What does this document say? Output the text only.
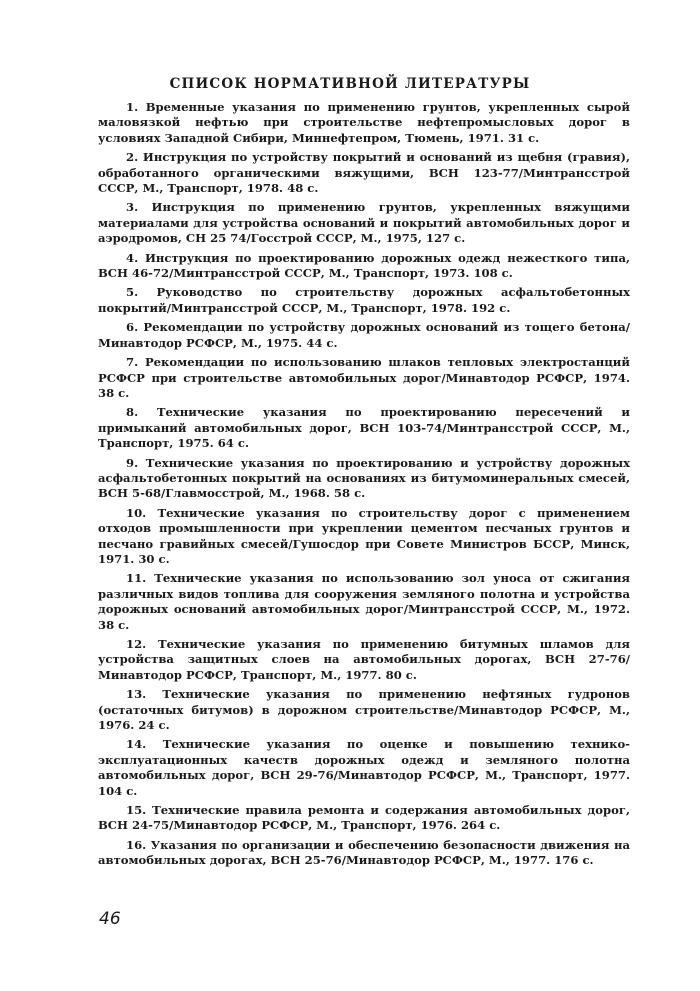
СПИСОК НОРМАТИВНОЙ ЛИТЕРАТУРЫ
1. Временные указания по применению грунтов, укрепленных сырой маловязкой нефтью при строительстве нефтепромысловых дорог в условиях Западной Сибири, Миннефтепром, Тюмень, 1971. 31 с.
2. Инструкция по устройству покрытий и оснований из щебня (гравия), обработанного органическими вяжущими, ВСН 123-77/Минтрансстрой СССР, М., Транспорт, 1978. 48 с.
3. Инструкция по применению грунтов, укрепленных вяжущими материалами для устройства оснований и покрытий автомобильных дорог и аэродромов, СН 25 74/Госстрой СССР, М., 1975, 127 с.
4. Инструкция по проектированию дорожных одежд нежесткого типа, ВСН 46-72/Минтрансстрой СССР, М., Транспорт, 1973. 108 с.
5. Руководство по строительству дорожных асфальтобетонных покрытий/Минтрансстрой СССР, М., Транспорт, 1978. 192 с.
6. Рекомендации по устройству дорожных оснований из тощего бетона/Минавтодор РСФСР, М., 1975. 44 с.
7. Рекомендации по использованию шлаков тепловых электростанций РСФСР при строительстве автомобильных дорог/Минавтодор РСФСР, 1974. 38 с.
8. Технические указания по проектированию пересечений и примыканий автомобильных дорог, ВСН 103-74/Минтрансстрой СССР, М., Транспорт, 1975. 64 с.
9. Технические указания по проектированию и устройству дорожных асфальтобетонных покрытий на основаниях из битумоминеральных смесей, ВСН 5-68/Главмосстрой, М., 1968. 58 с.
10. Технические указания по строительству дорог с применением отходов промышленности при укреплении цементом песчаных грунтов и песчано гравийных смесей/Гушосдор при Совете Министров БССР, Минск, 1971. 30 с.
11. Технические указания по использованию зол уноса от сжигания различных видов топлива для сооружения земляного полотна и устройства дорожных оснований автомобильных дорог/Минтрансстрой СССР, М., 1972. 38 с.
12. Технические указания по применению битумных шламов для устройства защитных слоев на автомобильных дорогах, ВСН 27-76/Минавтодор РСФСР, Транспорт, М., 1977. 80 с.
13. Технические указания по применению нефтяных гудронов (остаточных битумов) в дорожном строительстве/Минавтодор РСФСР, М., 1976. 24 с.
14. Технические указания по оценке и повышению технико-эксплуатационных качеств дорожных одежд и земляного полотна автомобильных дорог, ВСН 29-76/Минавтодор РСФСР, М., Транспорт, 1977. 104 с.
15. Технические правила ремонта и содержания автомобильных дорог, ВСН 24-75/Минавтодор РСФСР, М., Транспорт, 1976. 264 с.
16. Указания по организации и обеспечению безопасности движения на автомобильных дорогах, ВСН 25-76/Минавтодор РСФСР, М., 1977. 176 с.
46
